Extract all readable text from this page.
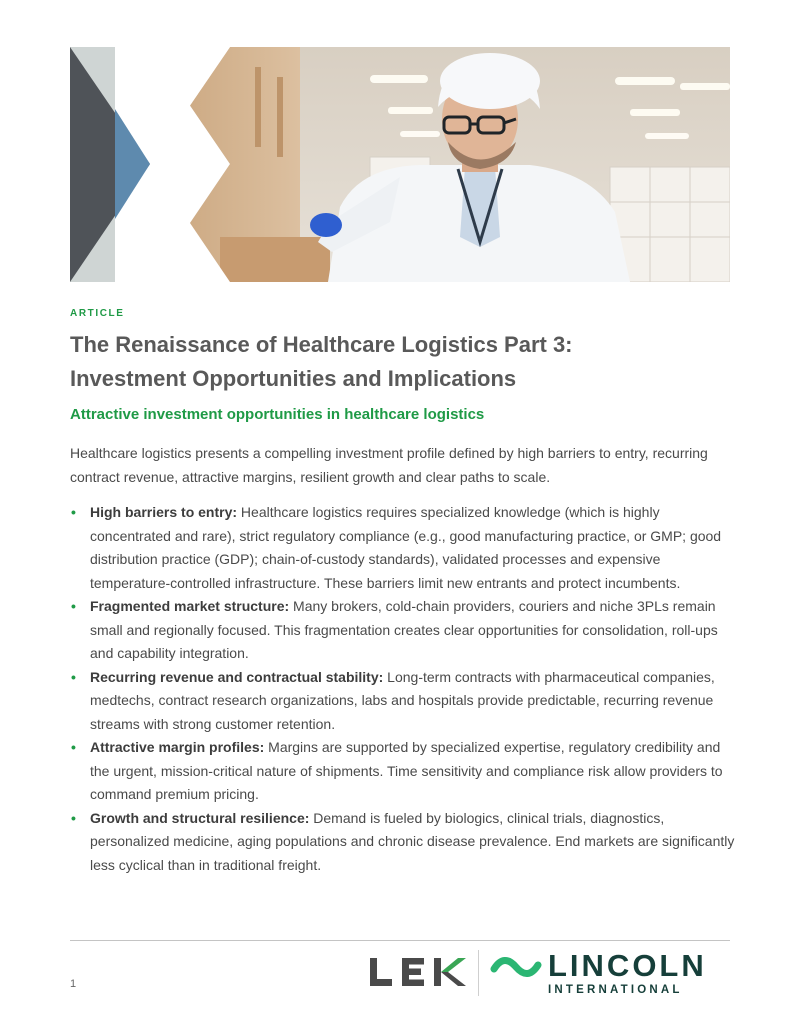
ARTICLE

The Renaissance of Healthcare Logistics Part 3:
Investment Opportunities and Implications
Attractive investment opportunities in healthcare logistics

Healthcare logistics presents a compelling investment profile defined by high barriers to entry, recurring contract revenue, attractive margins, resilient growth and clear paths to scale.

• High barriers to entry: Healthcare logistics requires specialized knowledge (which is highly concentrated and rare), strict regulatory compliance (e.g., good manufacturing practice, or GMP; good distribution practice (GDP); chain-of-custody standards), validated processes and expensive temperature-controlled infrastructure. These barriers limit new entrants and protect incumbents.
• Fragmented market structure: Many brokers, cold-chain providers, couriers and niche 3PLs remain small and regionally focused. This fragmentation creates clear opportunities for consolidation, roll-ups and capability integration.
• Recurring revenue and contractual stability: Long-term contracts with pharmaceutical companies, medtechs, contract research organizations, labs and hospitals provide predictable, recurring revenue streams with strong customer retention.
• Attractive margin profiles: Margins are supported by specialized expertise, regulatory credibility and the urgent, mission-critical nature of shipments. Time sensitivity and compliance risk allow providers to command premium pricing.
• Growth and structural resilience: Demand is fueled by biologics, clinical trials, diagnostics, personalized medicine, aging populations and chronic disease prevalence. End markets are significantly less cyclical than in traditional freight.
1
LINCOLN
INTERNATIONAL
